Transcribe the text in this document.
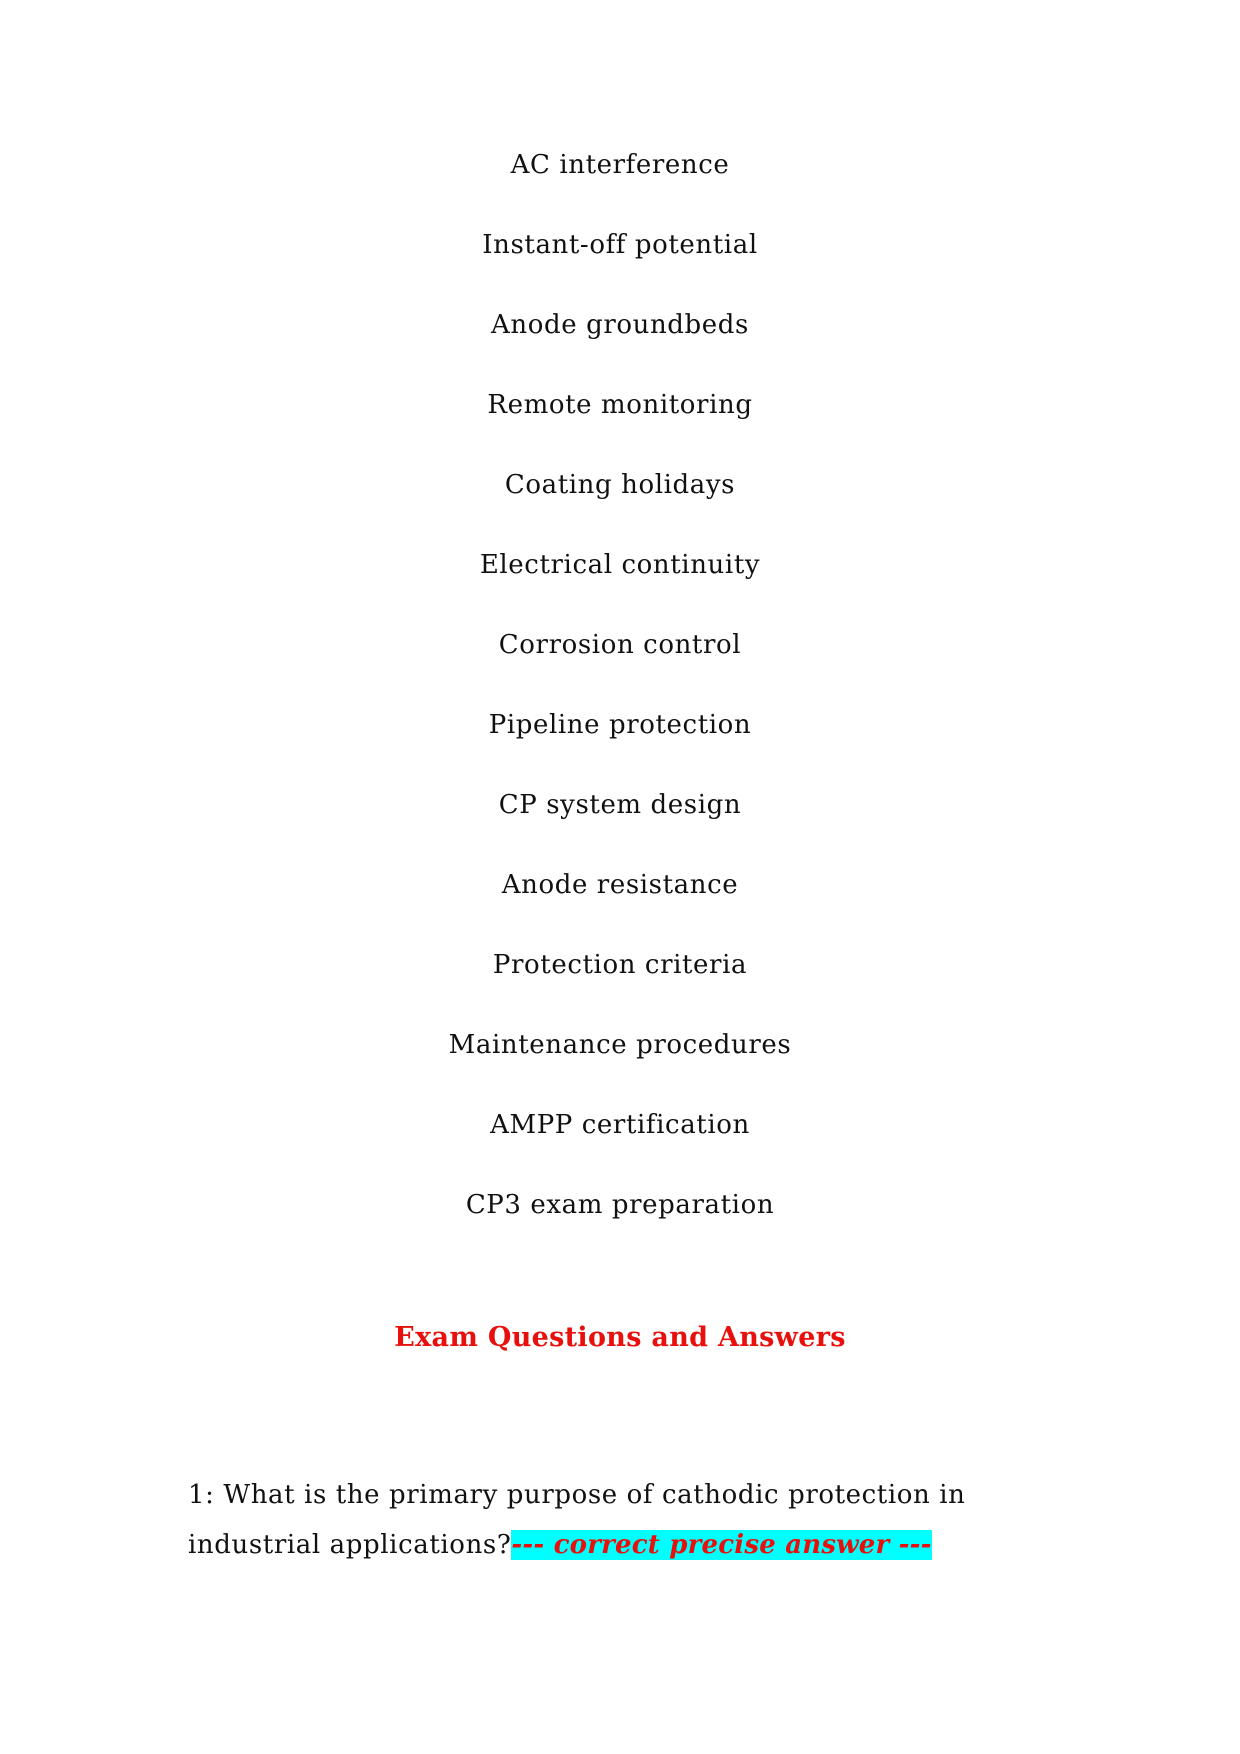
AC interference
Instant-off potential
Anode groundbeds
Remote monitoring
Coating holidays
Electrical continuity
Corrosion control
Pipeline protection
CP system design
Anode resistance
Protection criteria
Maintenance procedures
AMPP certification
CP3 exam preparation
Exam Questions and Answers

1: What is the primary purpose of cathodic protection in industrial applications?--- correct precise answer ---
